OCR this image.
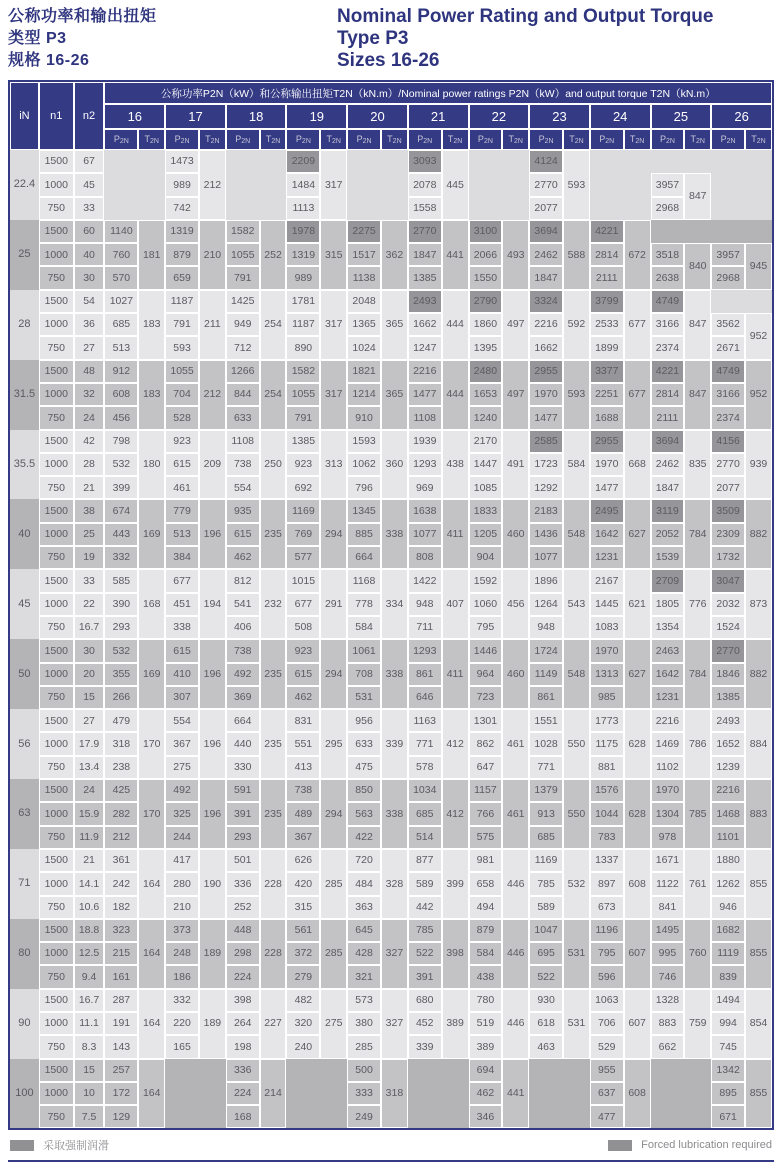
公称功率和输出扭矩
类型 P3
规格 16-26
Nominal Power Rating and Output Torque
Type P3
Sizes 16-26
iN	n1	n2	公称功率P2N（kW）和公称输出扭矩T2N（kN.m）/Nominal power ratings P2N（kW）and output torque T2N（kN.m）																					
			16		17		18		19		20		21		22		23		24		25		26	
			P2N	T2N	P2N	T2N	P2N	T2N	P2N	T2N	P2N	T2N	P2N	T2N	P2N	T2N	P2N	T2N	P2N	T2N	P2N	T2N	P2N	T2N
22.4	1500	67			1473	212			2209	317			3093	445			4124	593						
	1000	45			989				1484				2078				2770				3957	847		
	750	33			742				1113				1558				2077				2968			
25	1500	60	1140	181	1319	210	1582	252	1978	315	2275	362	2770	441	3100	493	3694	588	4221	672				
	1000	40	760		879		1055		1319		1517		1847		2066		2462		2814		3518	840	3957	945
	750	30	570		659		791		989		1138		1385		1550		1847		2111		2638		2968	
28	1500	54	1027	183	1187	211	1425	254	1781	317	2048	365	2493	444	2790	497	3324	592	3799	677	4749	847		
	1000	36	685		791		949		1187		1365		1662		1860		2216		2533		3166		3562	952
	750	27	513		593		712		890		1024		1247		1395		1662		1899		2374		2671	
31.5	1500	48	912	183	1055	212	1266	254	1582	317	1821	365	2216	444	2480	497	2955	593	3377	677	4221	847	4749	952
	1000	32	608		704		844		1055		1214		1477		1653		1970		2251		2814		3166	
	750	24	456		528		633		791		910		1108		1240		1477		1688		2111		2374	
35.5	1500	42	798	180	923	209	1108	250	1385	313	1593	360	1939	438	2170	491	2585	584	2955	668	3694	835	4156	939
	1000	28	532		615		738		923		1062		1293		1447		1723		1970		2462		2770	
	750	21	399		461		554		692		796		969		1085		1292		1477		1847		2077	
40	1500	38	674	169	779	196	935	235	1169	294	1345	338	1638	411	1833	460	2183	548	2495	627	3119	784	3509	882
	1000	25	443		513		615		769		885		1077		1205		1436		1642		2052		2309	
	750	19	332		384		462		577		664		808		904		1077		1231		1539		1732	
45	1500	33	585	168	677	194	812	232	1015	291	1168	334	1422	407	1592	456	1896	543	2167	621	2709	776	3047	873
	1000	22	390		451		541		677		778		948		1060		1264		1445		1805		2032	
	750	16.7	293		338		406		508		584		711		795		948		1083		1354		1524	
50	1500	30	532	169	615	196	738	235	923	294	1061	338	1293	411	1446	460	1724	548	1970	627	2463	784	2770	882
	1000	20	355		410		492		615		708		861		964		1149		1313		1642		1846	
	750	15	266		307		369		462		531		646		723		861		985		1231		1385	
56	1500	27	479	170	554	196	664	235	831	295	956	339	1163	412	1301	461	1551	550	1773	628	2216	786	2493	884
	1000	17.9	318		367		440		551		633		771		862		1028		1175		1469		1652	
	750	13.4	238		275		330		413		475		578		647		771		881		1102		1239	
63	1500	24	425	170	492	196	591	235	738	294	850	338	1034	412	1157	461	1379	550	1576	628	1970	785	2216	883
	1000	15.9	282		325		391		489		563		685		766		913		1044		1304		1468	
	750	11.9	212		244		293		367		422		514		575		685		783		978		1101	
71	1500	21	361	164	417	190	501	228	626	285	720	328	877	399	981	446	1169	532	1337	608	1671	761	1880	855
	1000	14.1	242		280		336		420		484		589		658		785		897		1122		1262	
	750	10.6	182		210		252		315		363		442		494		589		673		841		946	
80	1500	18.8	323	164	373	189	448	228	561	285	645	327	785	398	879	446	1047	531	1196	607	1495	760	1682	855
	1000	12.5	215		248		298		372		428		522		584		695		795		995		1119	
	750	9.4	161		186		224		279		321		391		438		522		596		746		839	
90	1500	16.7	287	164	332	189	398	227	482	275	573	327	680	389	780	446	930	531	1063	607	1328	759	1494	854
	1000	11.1	191		220		264		320		380		452		519		618		706		883		994	
	750	8.3	143		165		198		240		285		339		389		463		529		662		745	
100	1500	15	257	164			336	214			500	318			694	441			955	608			1342	855
	1000	10	172				224				333				462				637				895	
	750	7.5	129				168				249				346				477				671	
采取强制润滑	Forced lubrication required
